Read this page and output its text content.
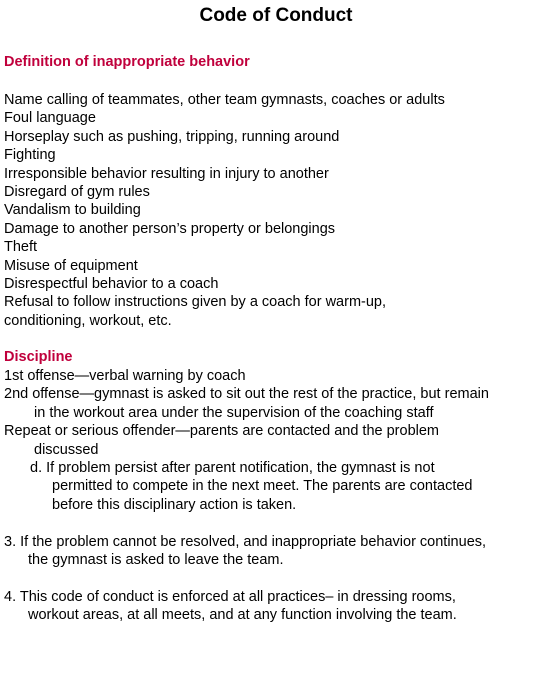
Code of Conduct
Definition of inappropriate behavior
Name calling of teammates, other team gymnasts, coaches or adults
Foul language
Horseplay such as pushing, tripping, running around
Fighting
Irresponsible behavior resulting in injury to another
Disregard of gym rules
Vandalism to building
Damage to another person’s property or belongings
Theft
Misuse of equipment
Disrespectful behavior to a coach
Refusal to follow instructions given by a coach for warm-up,
conditioning, workout, etc.
Discipline
1st offense—verbal warning by coach
2nd offense—gymnast is asked to sit out the rest of the practice, but remain
in the workout area under the supervision of the coaching staff
Repeat or serious offender—parents are contacted and the problem
discussed
d. If problem persist after parent notification, the gymnast is not
permitted to compete in the next meet. The parents are contacted
before this disciplinary action is taken.
3. If the problem cannot be resolved, and inappropriate behavior continues,
the gymnast is asked to leave the team.
4. This code of conduct is enforced at all practices– in dressing rooms,
workout areas, at all meets, and at any function involving the team.
